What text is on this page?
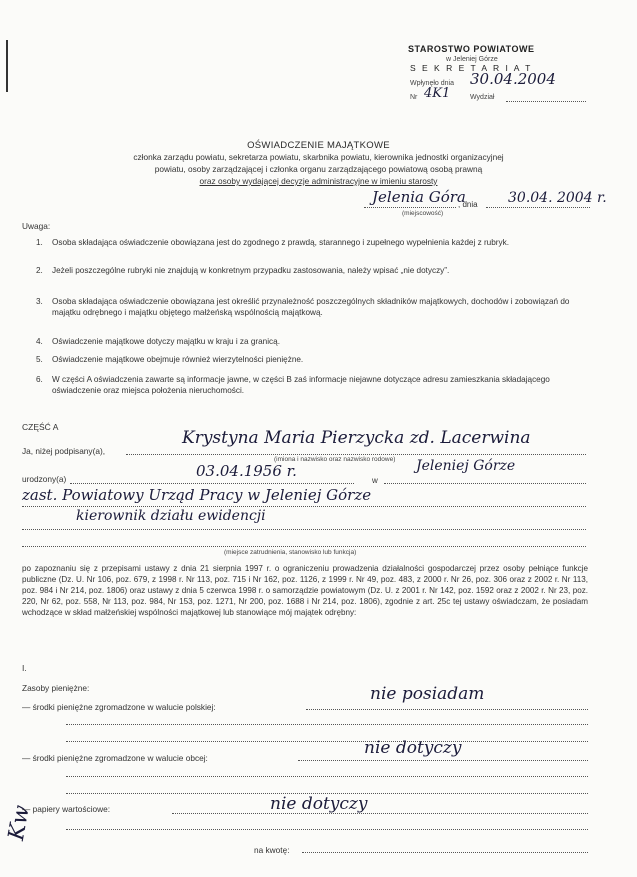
Kw
STAROSTWO POWIATOWE
w Jeleniej Górze
S E K R E T A R I A T
Wpłynęło dnia 30.04.2004
Nr 4K1	Wydział
OŚWIADCZENIE MAJĄTKOWE
członka zarządu powiatu, sekretarza powiatu, skarbnika powiatu, kierownika jednostki organizacyjnej
powiatu, osoby zarządzającej i członka organu zarządzającego powiatową osobą prawną
oraz osoby wydającej decyzje administracyjne w imieniu starosty
Jelenia Góra
, dnia 30.04. 2004 r.
(miejscowość)
Uwaga:
1. Osoba składająca oświadczenie obowiązana jest do zgodnego z prawdą, starannego i zupełnego wypełnienia każdej z rubryk.
2. Jeżeli poszczególne rubryki nie znajdują w konkretnym przypadku zastosowania, należy wpisać „nie dotyczy”.
3. Osoba składająca oświadczenie obowiązana jest określić przynależność poszczególnych składników majątkowych, dochodów i zobowiązań do majątku odrębnego i majątku objętego małżeńską wspólnością majątkową.
4. Oświadczenie majątkowe dotyczy majątku w kraju i za granicą.
5. Oświadczenie majątkowe obejmuje również wierzytelności pieniężne.
6. W części A oświadczenia zawarte są informacje jawne, w części B zaś informacje niejawne dotyczące adresu zamieszkania składającego oświadczenie oraz miejsca położenia nieruchomości.
CZĘŚĆ A
Ja, niżej podpisany(a),
Krystyna Maria Pierzycka zd. Lacerwina
(imiona i nazwisko oraz nazwisko rodowe)
urodzony(a)	03.04.1956 r.
w
Jeleniej Górze
zast. Powiatowy Urząd Pracy w Jeleniej Górze
kierownik działu ewidencji
(miejsce zatrudnienia, stanowisko lub funkcja)
po zapoznaniu się z przepisami ustawy z dnia 21 sierpnia 1997 r. o ograniczeniu prowadzenia działalności gospodarczej przez osoby pełniące funkcje publiczne (Dz. U. Nr 106, poz. 679, z 1998 r. Nr 113, poz. 715 i Nr 162, poz. 1126, z 1999 r. Nr 49, poz. 483, z 2000 r. Nr 26, poz. 306 oraz z 2002 r. Nr 113, poz. 984 i Nr 214, poz. 1806) oraz ustawy z dnia 5 czerwca 1998 r. o samorządzie powiatowym (Dz. U. z 2001 r. Nr 142, poz. 1592 oraz z 2002 r. Nr 23, poz. 220, Nr 62, poz. 558, Nr 113, poz. 984, Nr 153, poz. 1271, Nr 200, poz. 1688 i Nr 214, poz. 1806), zgodnie z art. 25c tej ustawy oświadczam, że posiadam wchodzące w skład małżeńskiej wspólności majątkowej lub stanowiące mój majątek odrębny:
I.
Zasoby pieniężne:
— środki pieniężne zgromadzone w walucie polskiej:
nie posiadam
— środki pieniężne zgromadzone w walucie obcej:	nie dotyczy
— papiery wartościowe:	nie dotyczy
na kwotę:
